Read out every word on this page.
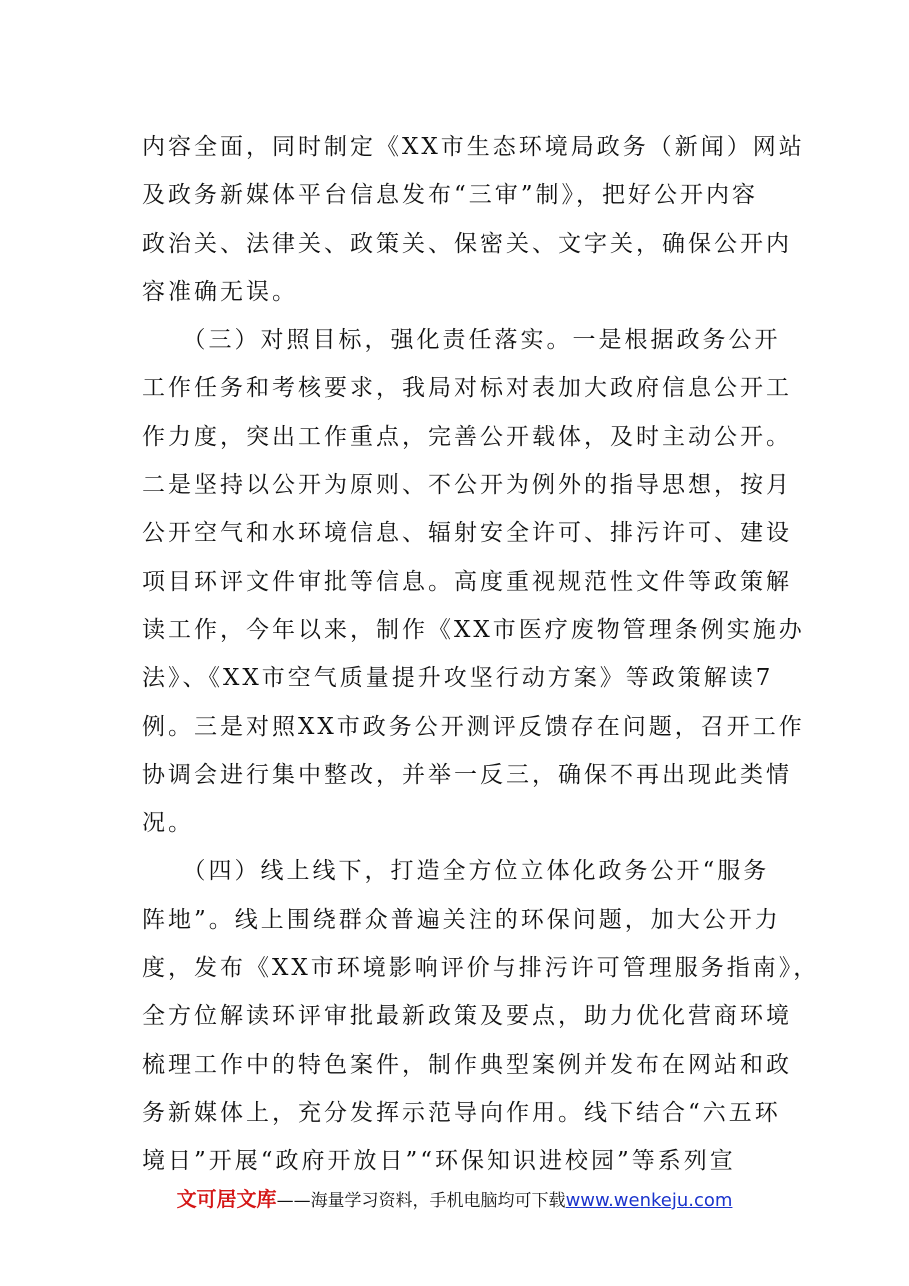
内容全面，同时制定《XX市生态环境局政务（新闻）网站
及政务新媒体平台信息发布“三审”制》，把好公开内容
政治关、法律关、政策关、保密关、文字关，确保公开内
容准确无误。
　　（三）对照目标，强化责任落实。一是根据政务公开
工作任务和考核要求，我局对标对表加大政府信息公开工
作力度，突出工作重点，完善公开载体，及时主动公开。
二是坚持以公开为原则、不公开为例外的指导思想，按月
公开空气和水环境信息、辐射安全许可、排污许可、建设
项目环评文件审批等信息。高度重视规范性文件等政策解
读工作，今年以来，制作《XX市医疗废物管理条例实施办
法》、《XX市空气质量提升攻坚行动方案》等政策解读7
例。三是对照XX市政务公开测评反馈存在问题，召开工作
协调会进行集中整改，并举一反三，确保不再出现此类情
况。
　　（四）线上线下，打造全方位立体化政务公开“服务
阵地”。线上围绕群众普遍关注的环保问题，加大公开力
度，发布《XX市环境影响评价与排污许可管理服务指南》，
全方位解读环评审批最新政策及要点，助力优化营商环境
梳理工作中的特色案件，制作典型案例并发布在网站和政
务新媒体上，充分发挥示范导向作用。线下结合“六五环
境日”开展“政府开放日”“环保知识进校园”等系列宣
文可居文库——海量学习资料，手机电脑均可下载www.wenkeju.com
